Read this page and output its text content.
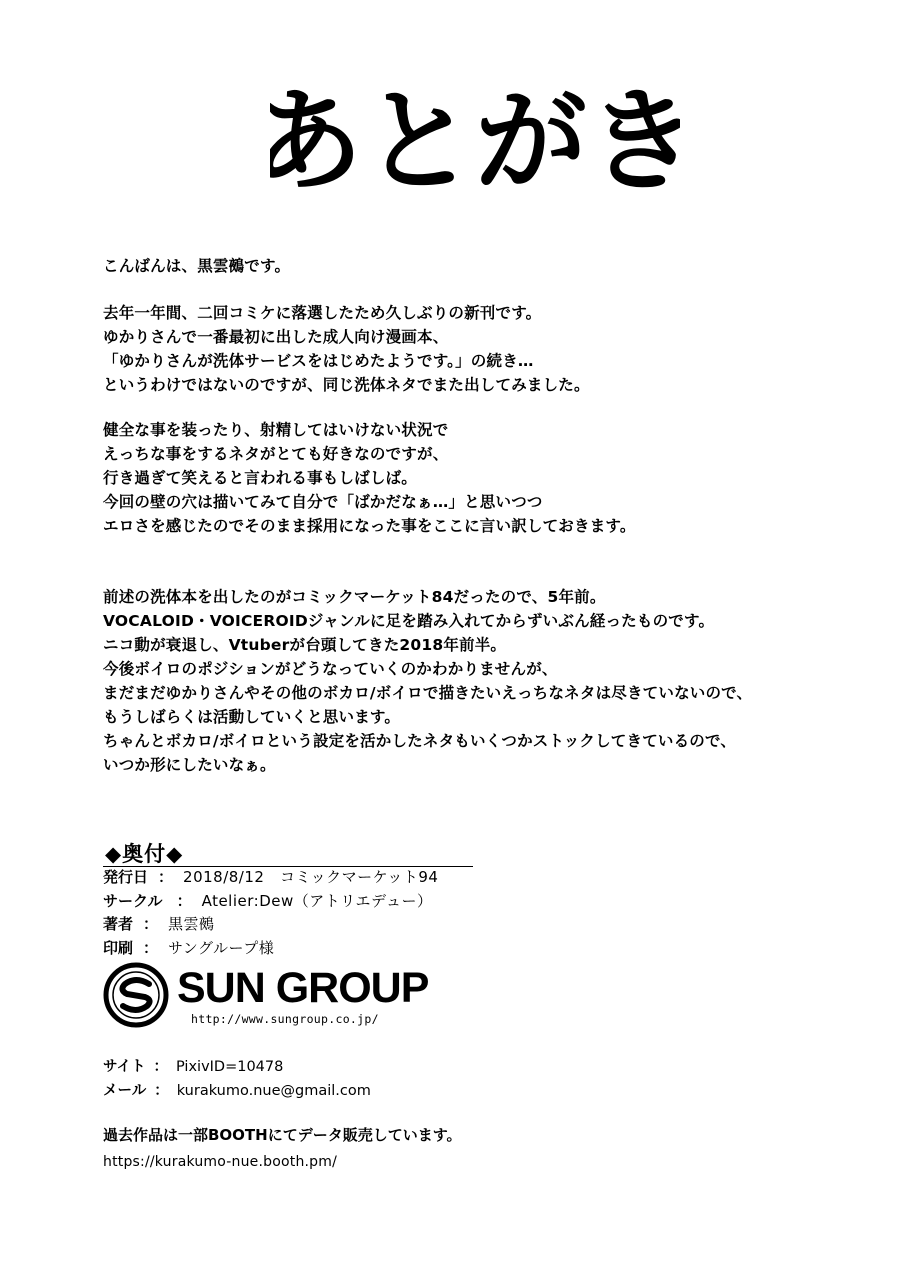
あとがき
こんばんは、黒雲鵺です。
去年一年間、二回コミケに落選したため久しぶりの新刊です。
ゆかりさんで一番最初に出した成人向け漫画本、
「ゆかりさんが洗体サービスをはじめたようです。」の続き…
というわけではないのですが、同じ洗体ネタでまた出してみました。
健全な事を装ったり、射精してはいけない状況で
えっちな事をするネタがとても好きなのですが、
行き過ぎて笑えると言われる事もしばしば。
今回の壁の穴は描いてみて自分で「ばかだなぁ…」と思いつつ
エロさを感じたのでそのまま採用になった事をここに言い訳しておきます。
前述の洗体本を出したのがコミックマーケット84だったので、5年前。
VOCALOID・VOICEROIDジャンルに足を踏み入れてからずいぶん経ったものです。
ニコ動が衰退し、Vtuberが台頭してきた2018年前半。
今後ボイロのポジションがどうなっていくのかわかりませんが、
まだまだゆかりさんやその他のボカロ/ボイロで描きたいえっちなネタは尽きていないので、
もうしばらくは活動していくと思います。
ちゃんとボカロ/ボイロという設定を活かしたネタもいくつかストックしてきているので、
いつか形にしたいなぁ。
◆奥付◆
発行日 ： 2018/8/12　コミックマーケット94
サークル ： Atelier:Dew（アトリエデュー）
著者 ： 黒雲鵺
印刷 ： サングループ様
SUN GROUP
http://www.sungroup.co.jp/
サイト ： PixivID=10478
メール ： kurakumo.nue@gmail.com
過去作品は一部BOOTHにてデータ販売しています。
https://kurakumo-nue.booth.pm/
